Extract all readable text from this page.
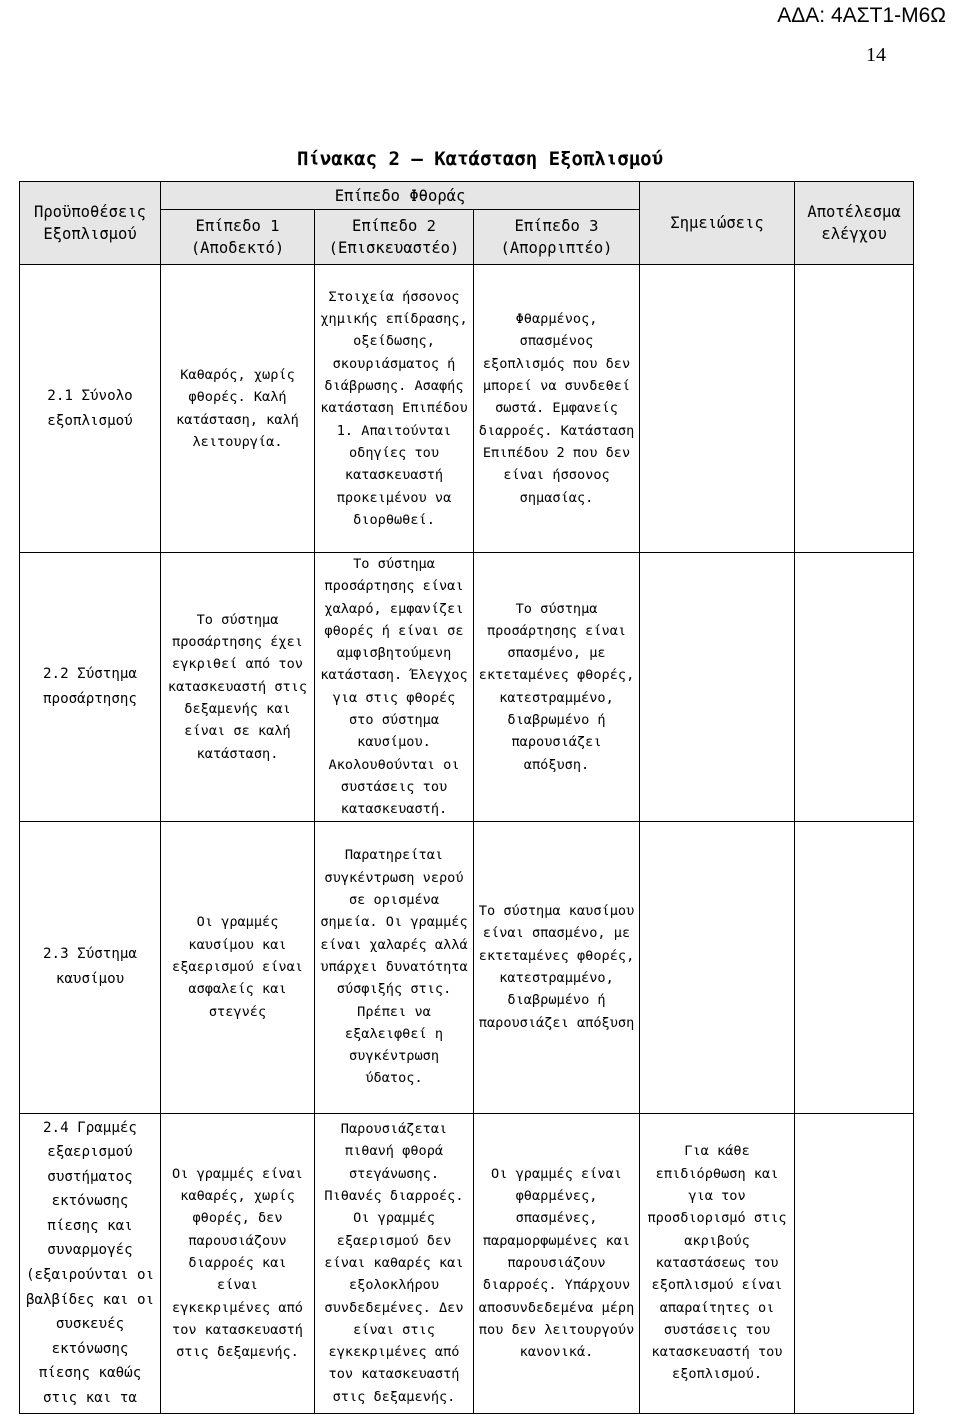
ΑΔΑ: 4ΑΣΤ1-Μ6Ω
14
Πίνακας 2 – Κατάσταση Εξοπλισμού
Προϋποθέσεις Εξοπλισμού	Επίπεδο Φθοράς			Σημειώσεις	Αποτέλεσμα ελέγχου
	Επίπεδο 1 (Αποδεκτό)	Επίπεδο 2 (Επισκευαστέο)	Επίπεδο 3 (Απορριπτέο)		
2.1 Σύνολο εξοπλισμού	Καθαρός, χωρίς φθορές. Καλή κατάσταση, καλή λειτουργία.	Στοιχεία ήσσονος χημικής επίδρασης, οξείδωσης, σκουριάσματος ή διάβρωσης. Ασαφής κατάσταση Επιπέδου 1. Απαιτούνται οδηγίες του κατασκευαστή προκειμένου να διορθωθεί.	Φθαρμένος, σπασμένος εξοπλισμός που δεν μπορεί να συνδεθεί σωστά. Εμφανείς διαρροές. Κατάσταση Επιπέδου 2 που δεν είναι ήσσονος σημασίας.		
2.2 Σύστημα προσάρτησης	Το σύστημα προσάρτησης έχει εγκριθεί από τον κατασκευαστή στις δεξαμενής και είναι σε καλή κατάσταση.	Το σύστημα προσάρτησης είναι χαλαρό, εμφανίζει φθορές ή είναι σε αμφισβητούμενη κατάσταση. Έλεγχος για στις φθορές στο σύστημα καυσίμου. Ακολουθούνται οι συστάσεις του κατασκευαστή.	Το σύστημα προσάρτησης είναι σπασμένο, με εκτεταμένες φθορές, κατεστραμμένο, διαβρωμένο ή παρουσιάζει απόξυση.		
2.3 Σύστημα καυσίμου	Οι γραμμές καυσίμου και εξαερισμού είναι ασφαλείς και στεγνές	Παρατηρείται συγκέντρωση νερού σε ορισμένα σημεία. Οι γραμμές είναι χαλαρές αλλά υπάρχει δυνατότητα σύσφιξής στις. Πρέπει να εξαλειφθεί η συγκέντρωση ύδατος.	Το σύστημα καυσίμου είναι σπασμένο, με εκτεταμένες φθορές, κατεστραμμένο, διαβρωμένο ή παρουσιάζει απόξυση		
2.4 Γραμμές εξαερισμού συστήματος εκτόνωσης πίεσης και συναρμογές (εξαιρούνται οι βαλβίδες και οι συσκευές εκτόνωσης πίεσης καθώς στις και τα	Οι γραμμές είναι καθαρές, χωρίς φθορές, δεν παρουσιάζουν διαρροές και είναι εγκεκριμένες από τον κατασκευαστή στις δεξαμενής.	Παρουσιάζεται πιθανή φθορά στεγάνωσης. Πιθανές διαρροές. Οι γραμμές εξαερισμού δεν είναι καθαρές και εξολοκλήρου συνδεδεμένες. Δεν είναι στις εγκεκριμένες από τον κατασκευαστή στις δεξαμενής.	Οι γραμμές είναι φθαρμένες, σπασμένες, παραμορφωμένες και παρουσιάζουν διαρροές. Υπάρχουν αποσυνδεδεμένα μέρη που δεν λειτουργούν κανονικά.	Για κάθε επιδιόρθωση και για τον προσδιορισμό στις ακριβούς καταστάσεως του εξοπλισμού είναι απαραίτητες οι συστάσεις του κατασκευαστή του εξοπλισμού.	
